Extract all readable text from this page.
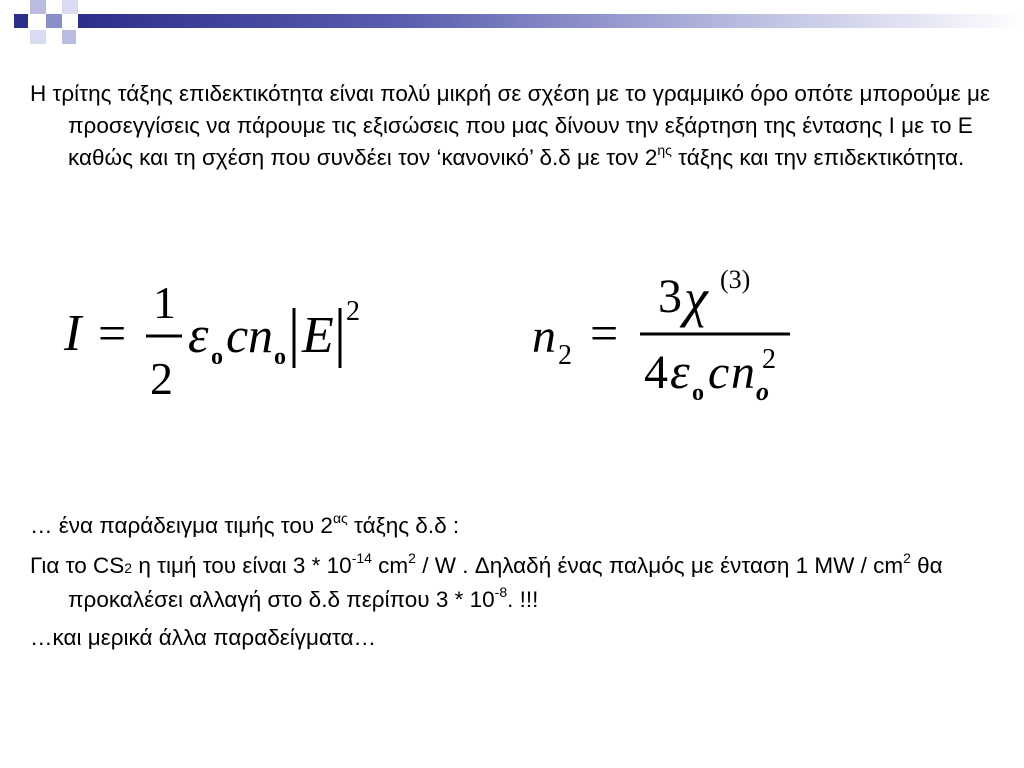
Η τρίτης τάξης επιδεκτικότητα είναι πολύ μικρή σε σχέση με το γραμμικό όρο οπότε μπορούμε με προσεγγίσεις να πάρουμε τις εξισώσεις που μας δίνουν την εξάρτηση της έντασης Ι με το Ε καθώς και τη σχέση που συνδέει τον ‘κανονικό’ δ.δ με τον $2^{\eta\varsigma}$ τάξης και την επιδεκτικότητα.

I =
1
2
ε o c n o E 2	n 2 =
3 χ (3)
4 ε o c n o
2

… ένα παράδειγμα τιμής του $2^{\alpha\varsigma}$ τάξης δ.δ :

Για το CS2 η τιμή του είναι $3 * 10^{-14}$ $cm^2$ / W . Δηλαδή ένας παλμός με ένταση 1 MW / $cm^2$ θα προκαλέσει αλλαγή στο δ.δ περίπου $3 * 10^{-8}$. !!!

…και μερικά άλλα παραδείγματα…
